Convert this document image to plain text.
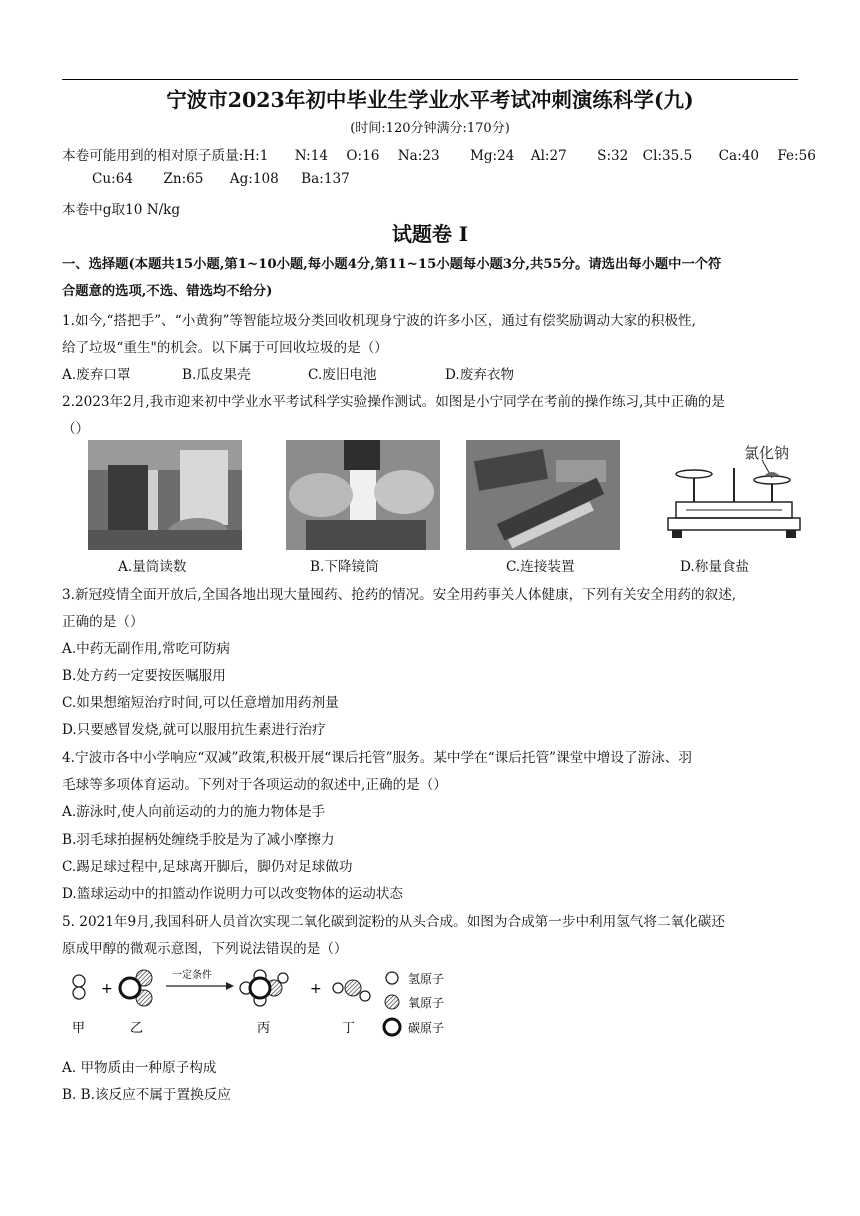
宁波市2023年初中毕业生学业水平考试冲刺演练科学(九)
(时间:120分钟满分:170分)
本卷可能用到的相对原子质量:H:1 N:14 O:16 Na:23 Mg:24 Al:27 S:32 Cl:35.5 Ca:40 Fe:56
Cu:64 Zn:65 Ag:108 Ba:137
本卷中g取10 N/kg
试题卷 I
一、选择题(本题共15小题,第1~10小题,每小题4分,第11~15小题每小题3分,共55分。请选出每小题中一个符
合题意的选项,不选、错选均不给分)
1.如今,“搭把手”、“小黄狗”等智能垃圾分类回收机现身宁波的许多小区，通过有偿奖励调动大家的积极性,
给了垃圾“重生"的机会。以下属于可回收垃圾的是（）
A.废弃口罩	B.瓜皮果壳	C.废旧电池	D.废弃衣物
2.2023年2月,我市迎来初中学业水平考试科学实验操作测试。如图是小宁同学在考前的操作练习,其中正确的是
（）
氯化钠
A.量筒读数	B.下降镜筒	C.连接装置	D.称量食盐
3.新冠疫情全面开放后,全国各地出现大量囤药、抢药的情况。安全用药事关人体健康，下列有关安全用药的叙述,
正确的是（）
A.中药无副作用,常吃可防病
B.处方药一定要按医嘱服用
C.如果想缩短治疗时间,可以任意增加用药剂量
D.只要感冒发烧,就可以服用抗生素进行治疗
4.宁波市各中小学响应“双减”政策,积极开展“课后托管”服务。某中学在“课后托管”课堂中增设了游泳、羽
毛球等多项体育运动。下列对于各项运动的叙述中,正确的是（）
A.游泳时,使人向前运动的力的施力物体是手
B.羽毛球拍握柄处缠绕手胶是为了减小摩擦力
C.踢足球过程中,足球离开脚后，脚仍对足球做功
D.篮球运动中的扣篮动作说明力可以改变物体的运动状态
5. 2021年9月,我国科研人员首次实现二氧化碳到淀粉的从头合成。如图为合成第一步中利用氢气将二氧化碳还
原成甲醇的微观示意图，下列说法错误的是（）
+
一定条件
+
甲	乙	丙	丁
氢原子
氧原子
碳原子
A. 甲物质由一种原子构成
B. B.该反应不属于置换反应
